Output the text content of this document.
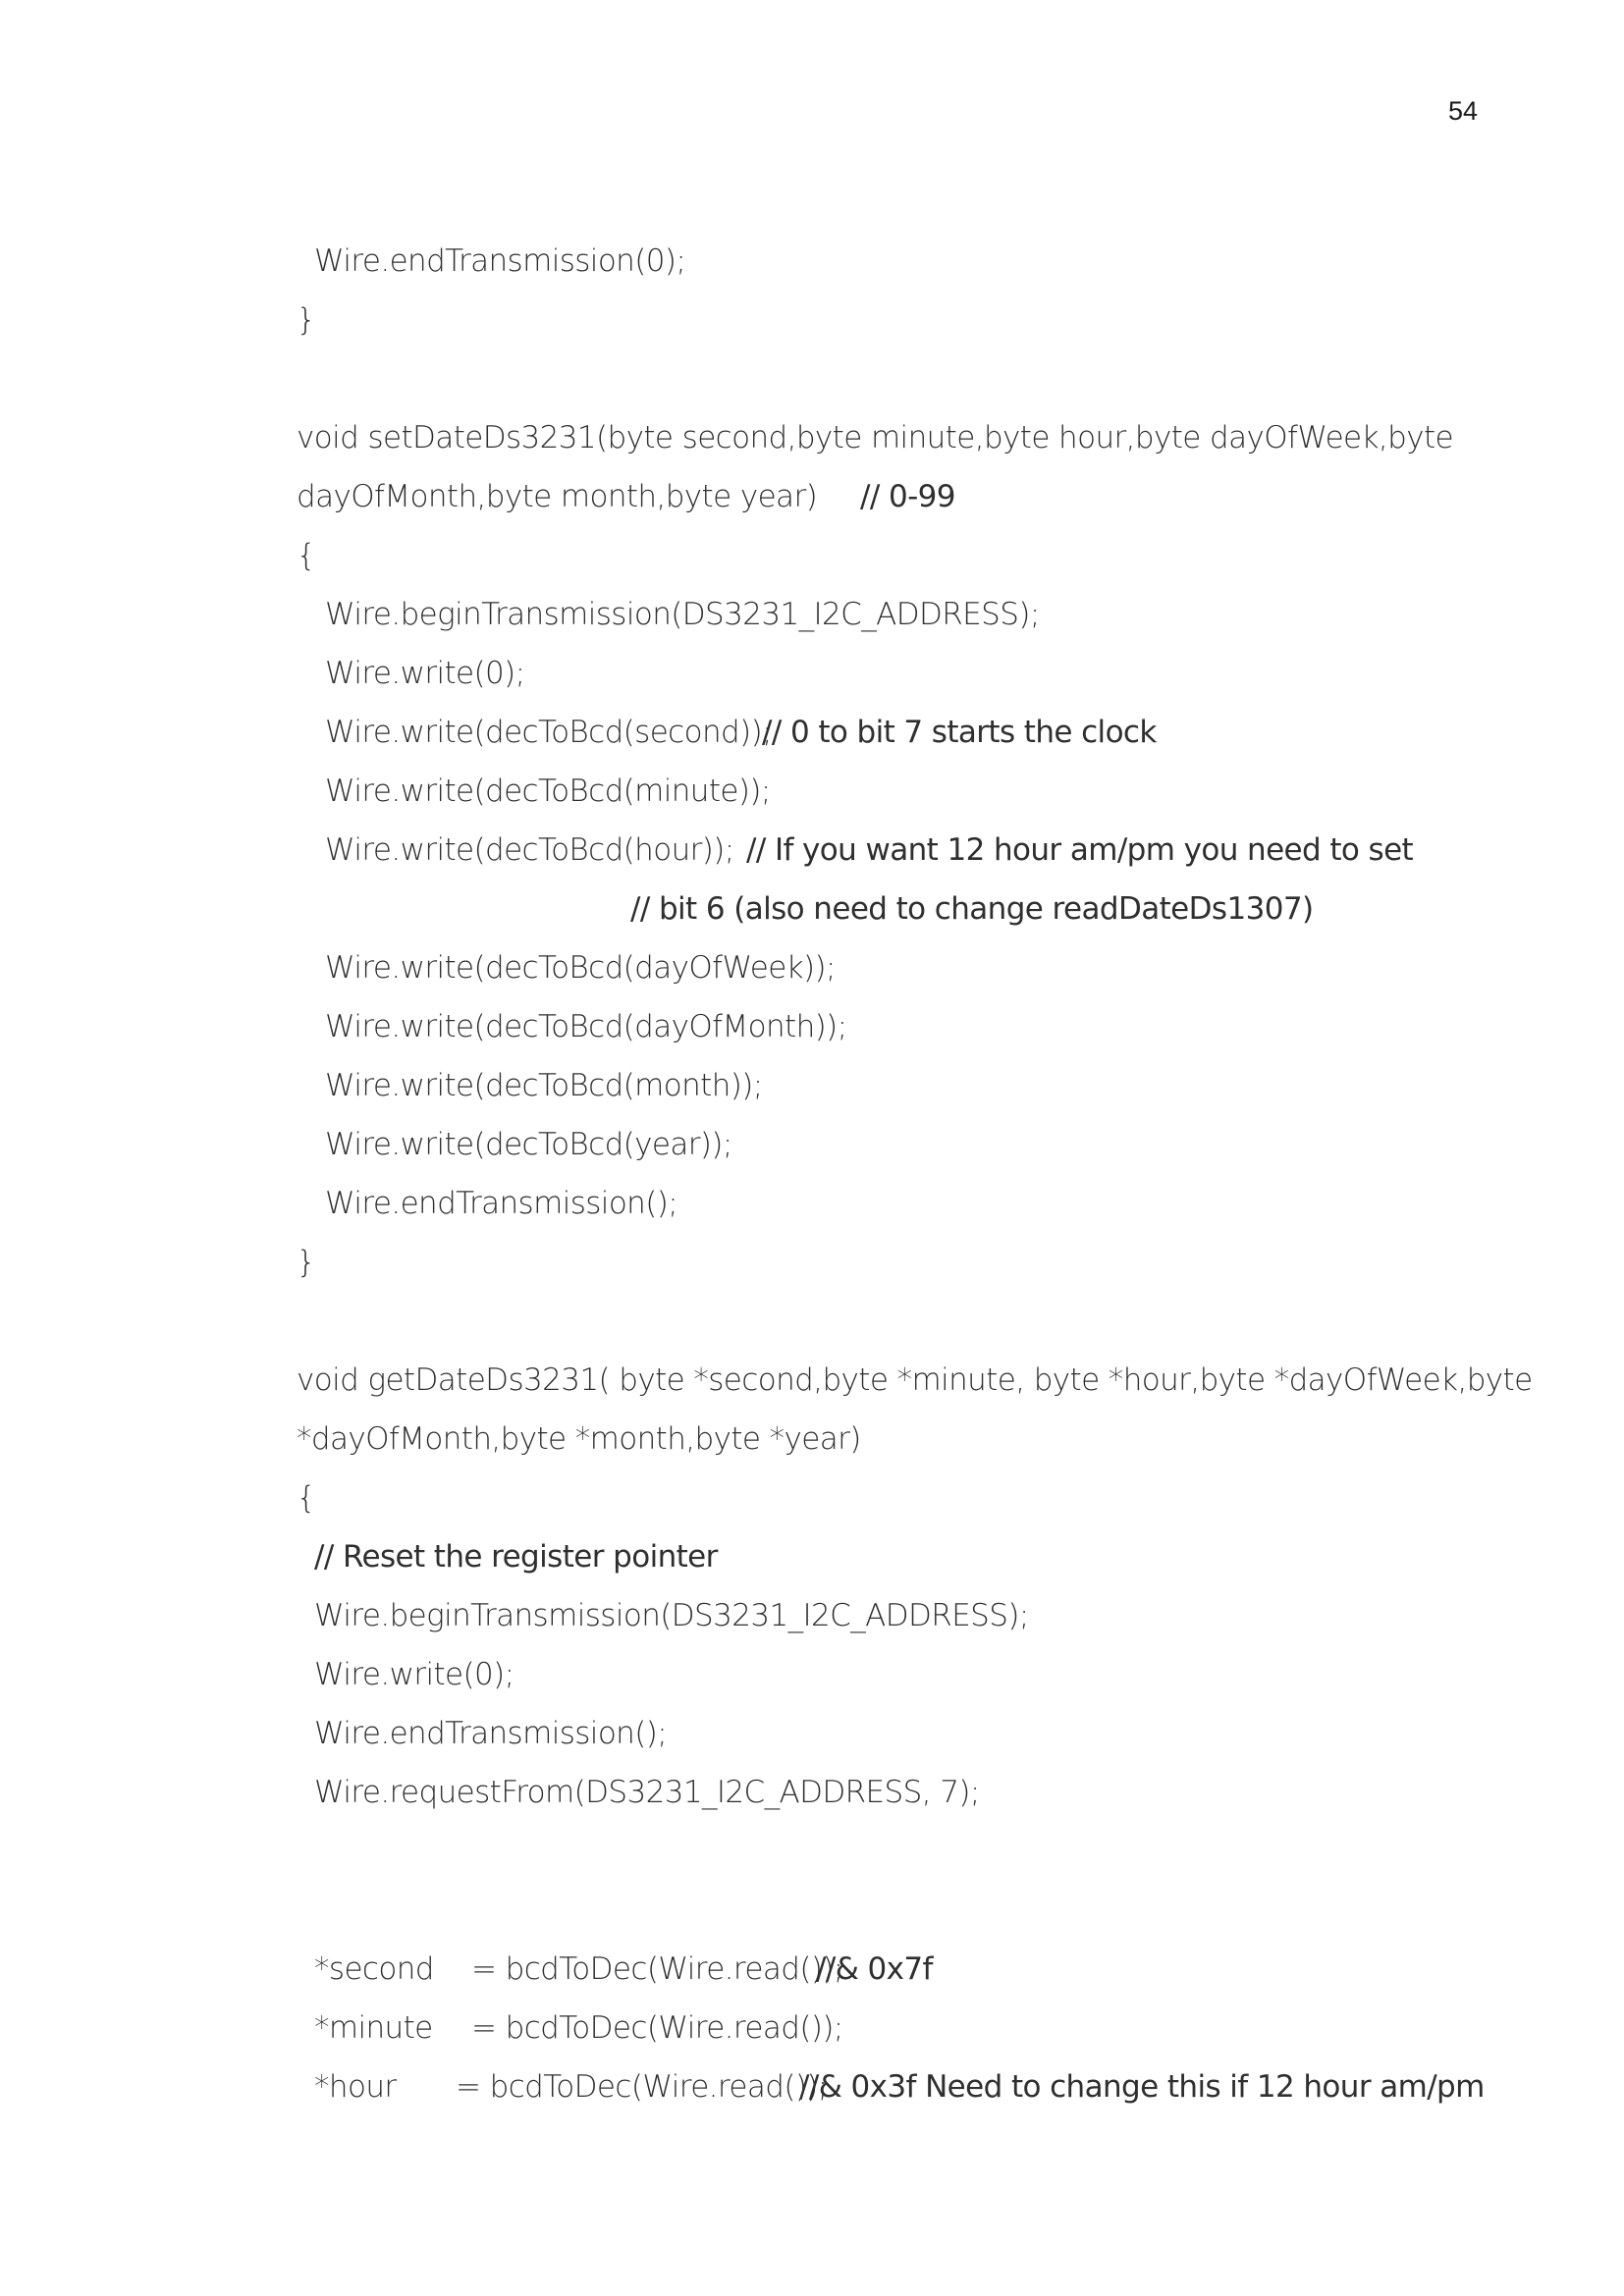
54
Wire.endTransmission(0);
}
void setDateDs3231(byte second,byte minute,byte hour,byte dayOfWeek,byte
dayOfMonth,byte month,byte year) // 0-99
{
Wire.beginTransmission(DS3231_I2C_ADDRESS);
Wire.write(0);
Wire.write(decToBcd(second));
// 0 to bit 7 starts the clock
Wire.write(decToBcd(minute));
Wire.write(decToBcd(hour)); // If you want 12 hour am/pm you need to set
// bit 6 (also need to change readDateDs1307)
Wire.write(decToBcd(dayOfWeek));
Wire.write(decToBcd(dayOfMonth));
Wire.write(decToBcd(month));
Wire.write(decToBcd(year));
Wire.endTransmission();
}
void getDateDs3231( byte *second,byte *minute, byte *hour,byte *dayOfWeek,byte
*dayOfMonth,byte *month,byte *year)
{
// Reset the register pointer
Wire.beginTransmission(DS3231_I2C_ADDRESS);
Wire.write(0);
Wire.endTransmission();
Wire.requestFrom(DS3231_I2C_ADDRESS, 7);
*second = bcdToDec(Wire.read());
//& 0x7f
*minute = bcdToDec(Wire.read());
*hour = bcdToDec(Wire.read());
//& 0x3f Need to change this if 12 hour am/pm
